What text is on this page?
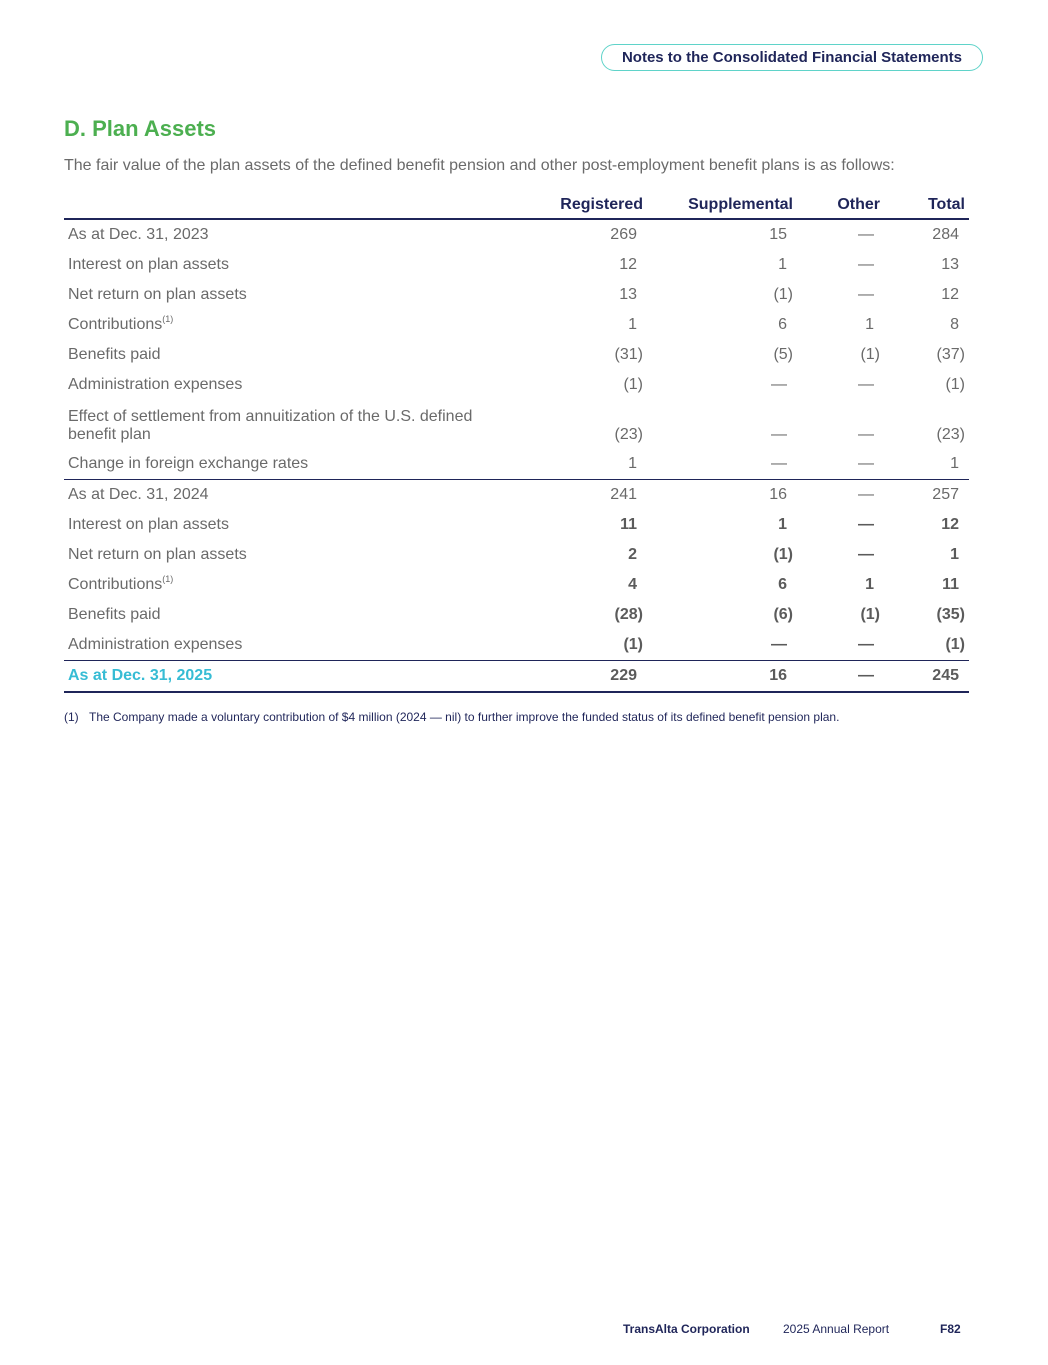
Notes to the Consolidated Financial Statements
D. Plan Assets

The fair value of the plan assets of the defined benefit pension and other post-employment benefit plans is as follows:

	Registered	Supplemental	Other	Total
As at Dec. 31, 2023	269	15	—	284
Interest on plan assets	12	1	—	13
Net return on plan assets	13	(1)	—	12
Contributions$^{(1)}$	1	6	1	8
Benefits paid	(31)	(5)	(1)	(37)
Administration expenses	(1)	—	—	(1)
Effect of settlement from annuitization of the U.S. defined benefit plan	(23)	—	—	(23)
Change in foreign exchange rates	1	—	—	1
As at Dec. 31, 2024	241	16	—	257
Interest on plan assets	11	1	—	12
Net return on plan assets	2	(1)	—	1
Contributions$^{(1)}$	4	6	1	11
Benefits paid	(28)	(6)	(1)	(35)
Administration expenses	(1)	—	—	(1)
As at Dec. 31, 2025	229	16	—	245
(1) The Company made a voluntary contribution of $4 million (2024 — nil) to further improve the funded status of its defined benefit pension plan.
TransAlta Corporation	2025 Annual Report	F82
